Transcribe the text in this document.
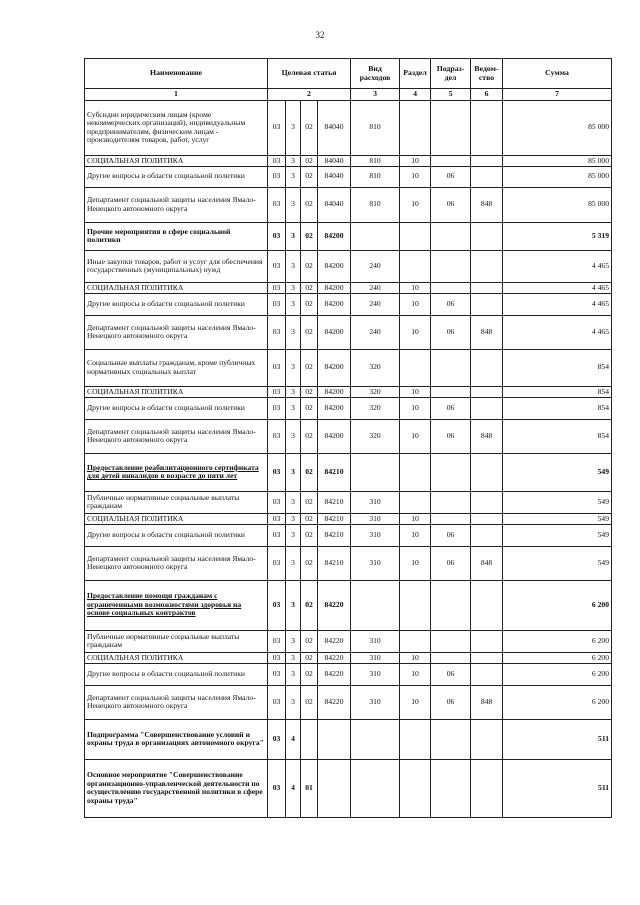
32
Наименование	Целевая статья				Вид расходов	Раздел	Подраз-дел	Ведом-ство	Сумма
1	2				3	4	5	6	7
Субсидии юридическим лицам (кроме некоммерческих организаций), индивидуальным предпринимателям, физическим лицам - производителям товаров, работ, услуг	03	3	02	84040	810				85 000
СОЦИАЛЬНАЯ ПОЛИТИКА	03	3	02	84040	810	10			85 000
Другие вопросы в области социальной политики	03	3	02	84040	810	10	06		85 000
Департамент социальной защиты населения Ямало-Ненецкого автономного округа	03	3	02	84040	810	10	06	848	85 000
Прочие мероприятия в сфере социальной политики	03	3	02	84200					5 319
Иные закупки товаров, работ и услуг для обеспечения государственных (муниципальных) нужд	03	3	02	84200	240				4 465
СОЦИАЛЬНАЯ ПОЛИТИКА	03	3	02	84200	240	10			4 465
Другие вопросы в области социальной политики	03	3	02	84200	240	10	06		4 465
Департамент социальной защиты населения Ямало-Ненецкого автономного округа	03	3	02	84200	240	10	06	848	4 465
Социальные выплаты гражданам, кроме публичных нормативных социальных выплат	03	3	02	84200	320				854
СОЦИАЛЬНАЯ ПОЛИТИКА	03	3	02	84200	320	10			854
Другие вопросы в области социальной политики	03	3	02	84200	320	10	06		854
Департамент социальной защиты населения Ямало-Ненецкого автономного округа	03	3	02	84200	320	10	06	848	854
Предоставление реабилитационного сертификата для детей инвалидов в возрасте до пяти лет	03	3	02	84210					549
Публичные нормативные социальные выплаты гражданам	03	3	02	84210	310				549
СОЦИАЛЬНАЯ ПОЛИТИКА	03	3	02	84210	310	10			549
Другие вопросы в области социальной политики	03	3	02	84210	310	10	06		549
Департамент социальной защиты населения Ямало-Ненецкого автономного округа	03	3	02	84210	310	10	06	848	549
Предоставление помощи гражданам с ограниченными возможностями здоровья на основе социальных контрактов	03	3	02	84220					6 200
Публичные нормативные социальные выплаты гражданам	03	3	02	84220	310				6 200
СОЦИАЛЬНАЯ ПОЛИТИКА	03	3	02	84220	310	10			6 200
Другие вопросы в области социальной политики	03	3	02	84220	310	10	06		6 200
Департамент социальной защиты населения Ямало-Ненецкого автономного округа	03	3	02	84220	310	10	06	848	6 200
Подпрограмма "Совершенствование условий и охраны труда в организациях автономного округа"	03	4							511
Основное мероприятие "Совершенствование организационно-управленческой деятельности по осуществлению государственной политики в сфере охраны труда"	03	4	01						511
